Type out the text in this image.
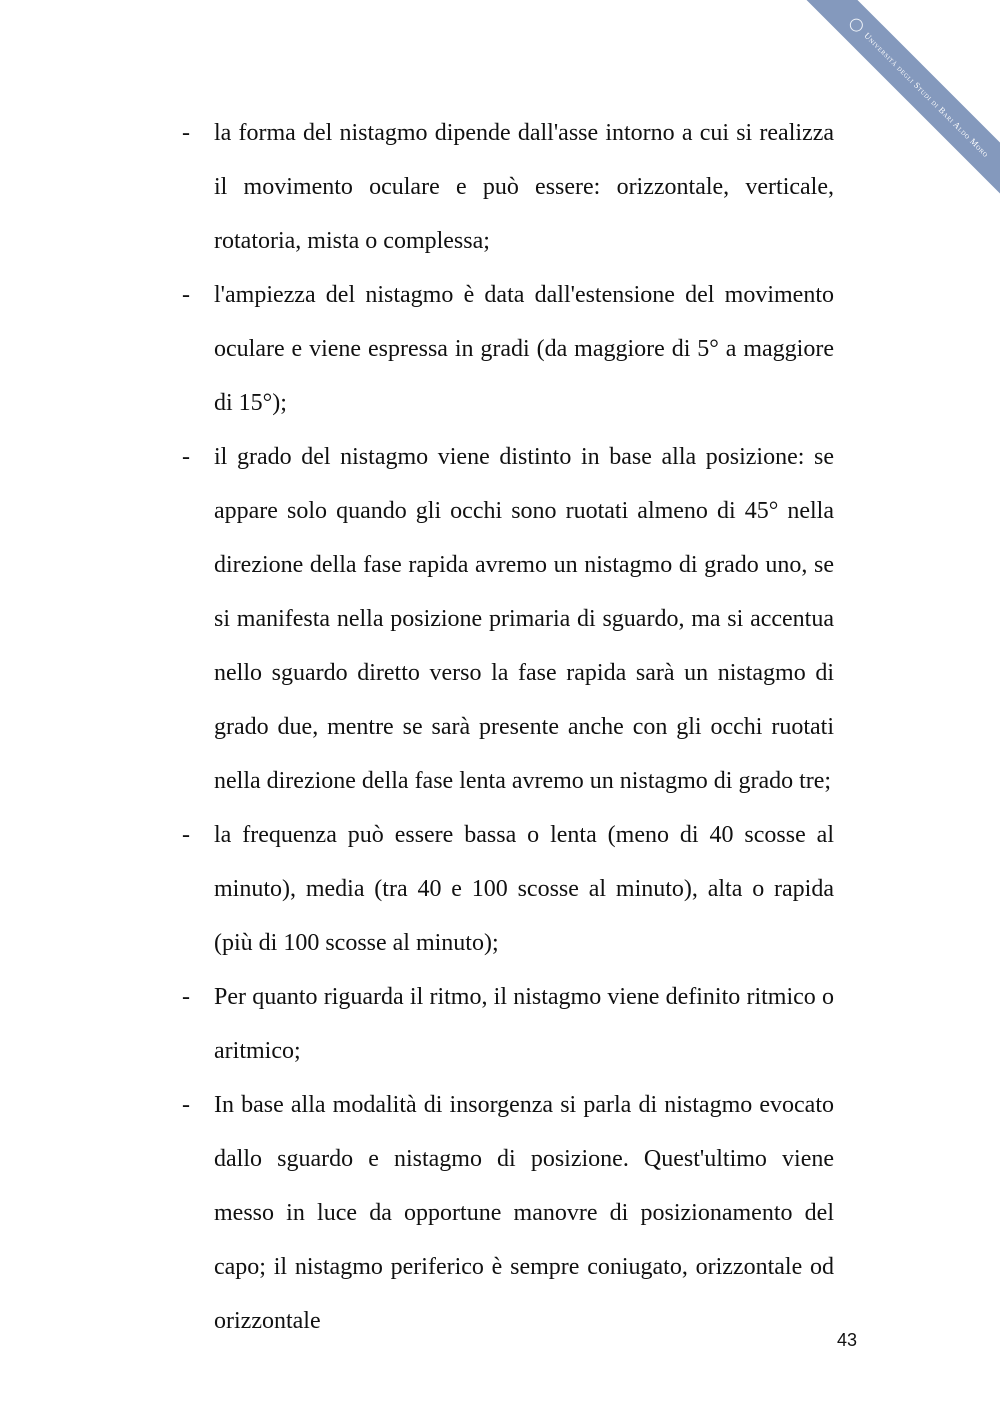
Università degli Studi di Bari Aldo Moro
- la forma del nistagmo dipende dall'asse intorno a cui si realizza il movimento oculare e può essere: orizzontale, verticale, rotatoria, mista o complessa;
- l'ampiezza del nistagmo è data dall'estensione del movimento oculare e viene espressa in gradi (da maggiore di 5° a maggiore di 15°);
- il grado del nistagmo viene distinto in base alla posizione: se appare solo quando gli occhi sono ruotati almeno di 45° nella direzione della fase rapida avremo un nistagmo di grado uno, se si manifesta nella posizione primaria di sguardo, ma si accentua nello sguardo diretto verso la fase rapida sarà un nistagmo di grado due, mentre se sarà presente anche con gli occhi ruotati nella direzione della fase lenta avremo un nistagmo di grado tre;
- la frequenza può essere bassa o lenta (meno di 40 scosse al minuto), media (tra 40 e 100 scosse al minuto), alta o rapida (più di 100 scosse al minuto);
- Per quanto riguarda il ritmo, il nistagmo viene definito ritmico o aritmico;
- In base alla modalità di insorgenza si parla di nistagmo evocato dallo sguardo e nistagmo di posizione. Quest'ultimo viene messo in luce da opportune manovre di posizionamento del capo; il nistagmo periferico è sempre coniugato, orizzontale od orizzontale
43
